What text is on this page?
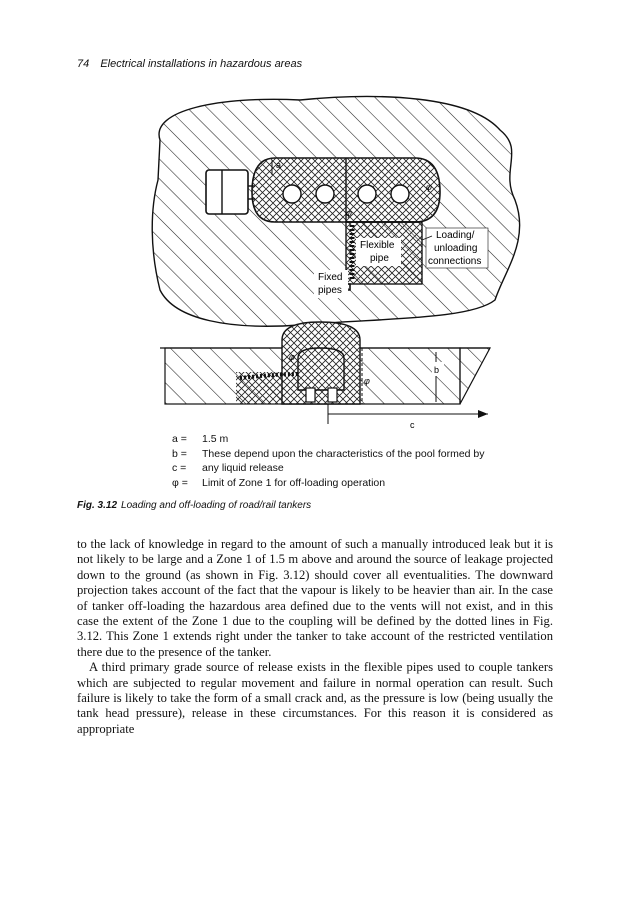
74 Electrical installations in hazardous areas
a
φ
φ
Flexible
pipe
Loading/
unloading
connections
Fixed
pipes
φ
φ
b
c
a = 1.5 m
b = These depend upon the characteristics of the pool formed by
c = any liquid release
φ = Limit of Zone 1 for off-loading operation
Fig. 3.12 Loading and off-loading of road/rail tankers

to the lack of knowledge in regard to the amount of such a manually introduced leak but it is not likely to be large and a Zone 1 of 1.5 m above and around the source of leakage projected down to the ground (as shown in Fig. 3.12) should cover all eventualities. The downward projection takes account of the fact that the vapour is likely to be heavier than air. In the case of tanker off-loading the hazardous area defined due to the vents will not exist, and in this case the extent of the Zone 1 due to the coupling will be defined by the dotted lines in Fig. 3.12. This Zone 1 extends right under the tanker to take account of the restricted ventilation there due to the presence of the tanker.

A third primary grade source of release exists in the flexible pipes used to couple tankers which are subjected to regular movement and failure in normal operation can result. Such failure is likely to take the form of a small crack and, as the pressure is low (being usually the tank head pressure), release in these circumstances. For this reason it is considered as appropriate
